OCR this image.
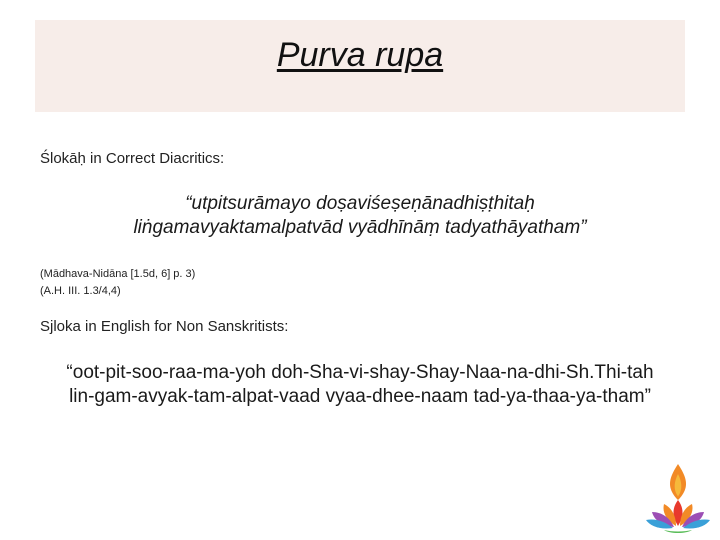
Purva rupa
Ślokāḥ in Correct Diacritics:
“utpitsurāmayo doṣaviśeṣeṇānadhiṣṭhitaḥ
liṅgamavyaktamalpatvād vyādhīnāṃ tadyathāyatham”
(Mādhava-Nidāna [1.5d, 6] p. 3)
(A.H. III. 1.3/4,4)
Sjloka in English for Non Sanskritists:
“oot-pit-soo-raa-ma-yoh doh-Sha-vi-shay-Shay-Naa-na-dhi-Sh.Thi-tah
lin-gam-avyak-tam-alpat-vaad vyaa-dhee-naam tad-ya-thaa-ya-tham”
